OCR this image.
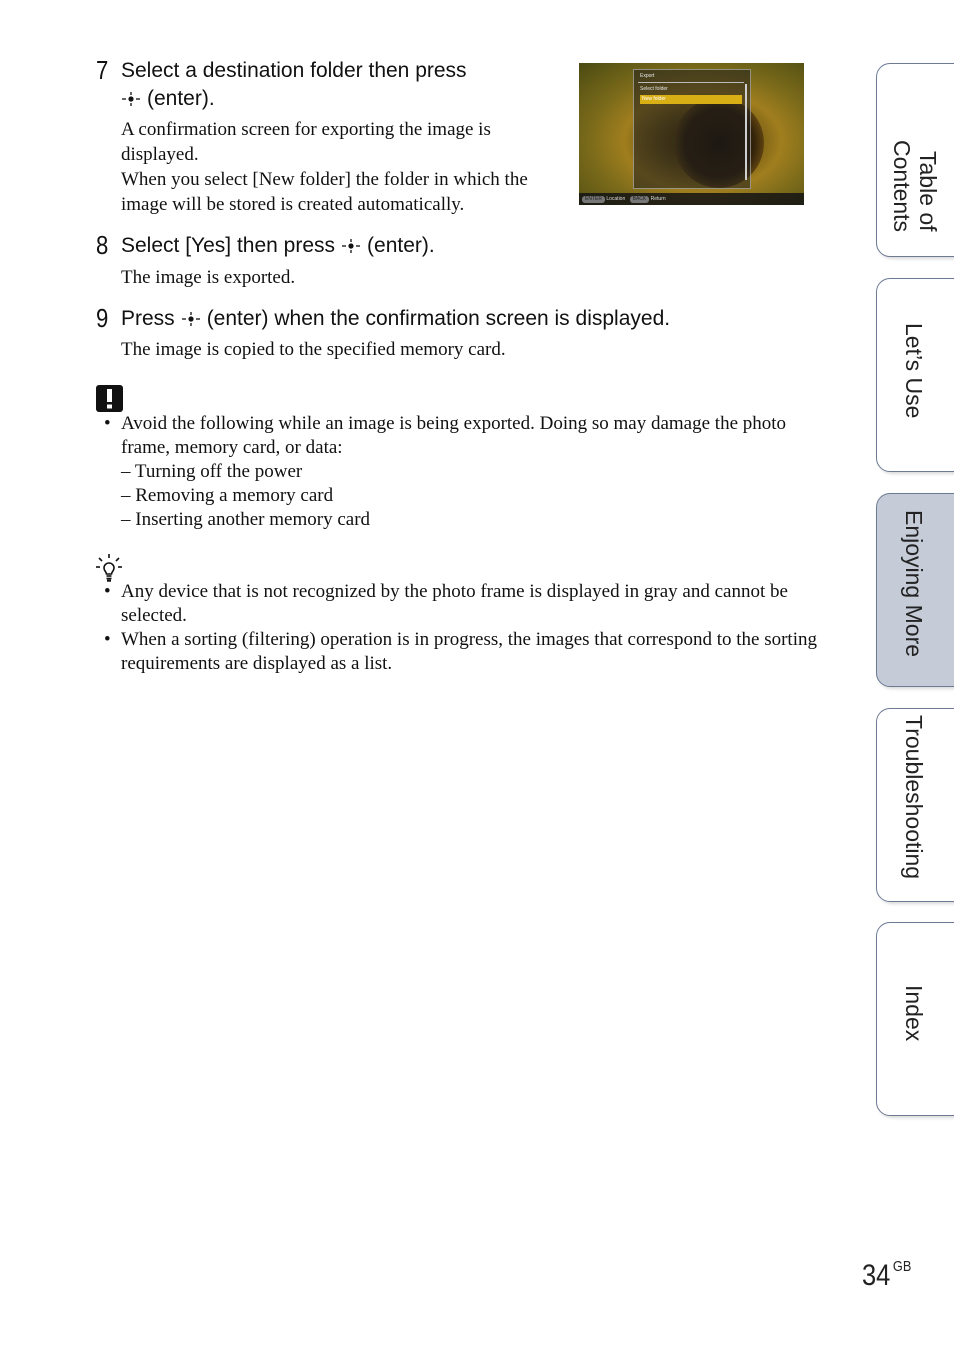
7 Select a destination folder then press
(enter).
A confirmation screen for exporting the image is
displayed.
When you select [New folder] the folder in which the
image will be stored is created automatically.
Export
Select folder
New folder
ENTER Location BACK Return
8 Select [Yes] then press (enter).
The image is exported.
9 Press (enter) when the confirmation screen is displayed.
The image is copied to the specified memory card.
• Avoid the following while an image is being exported. Doing so may damage the photo frame, memory card, or data:
– Turning off the power
– Removing a memory card
– Inserting another memory card
• Any device that is not recognized by the photo frame is displayed in gray and cannot be selected.
• When a sorting (filtering) operation is in progress, the images that correspond to the sorting requirements are displayed as a list.
Table of
Contents
Let’s Use
Enjoying More
Troubleshooting
Index
34 $^{GB}$
